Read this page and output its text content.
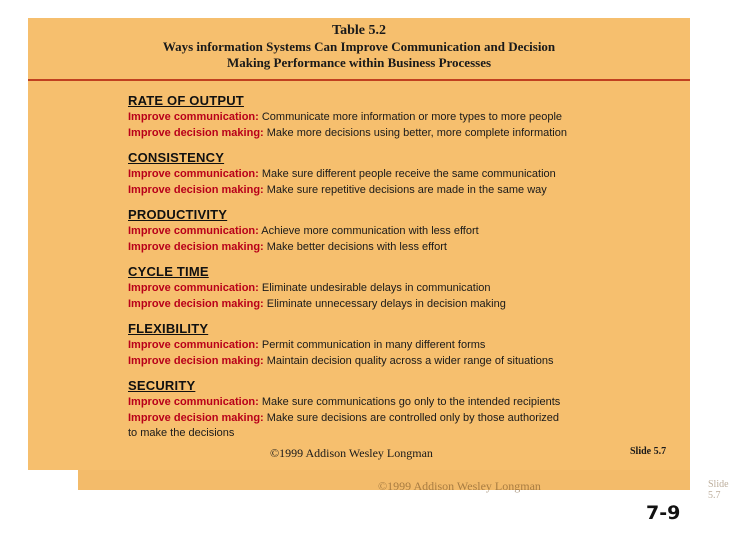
©1999 Addison Wesley Longman	Slide 5.7
Table 5.2
Ways information Systems Can Improve Communication and Decision
Making Performance within Business Processes
RATE OF OUTPUT
Improve communication: Communicate more information or more types to more people
Improve decision making: Make more decisions using better, more complete information
CONSISTENCY
Improve communication: Make sure different people receive the same communication
Improve decision making: Make sure repetitive decisions are made in the same way
PRODUCTIVITY
Improve communication: Achieve more communication with less effort
Improve decision making: Make better decisions with less effort
CYCLE TIME
Improve communication: Eliminate undesirable delays in communication
Improve decision making: Eliminate unnecessary delays in decision making
FLEXIBILITY
Improve communication: Permit communication in many different forms
Improve decision making: Maintain decision quality across a wider range of situations
SECURITY
Improve communication: Make sure communications go only to the intended recipients
Improve decision making: Make sure decisions are controlled only by those authorized
to make the decisions
©1999 Addison Wesley Longman	Slide 5.7
7-9
